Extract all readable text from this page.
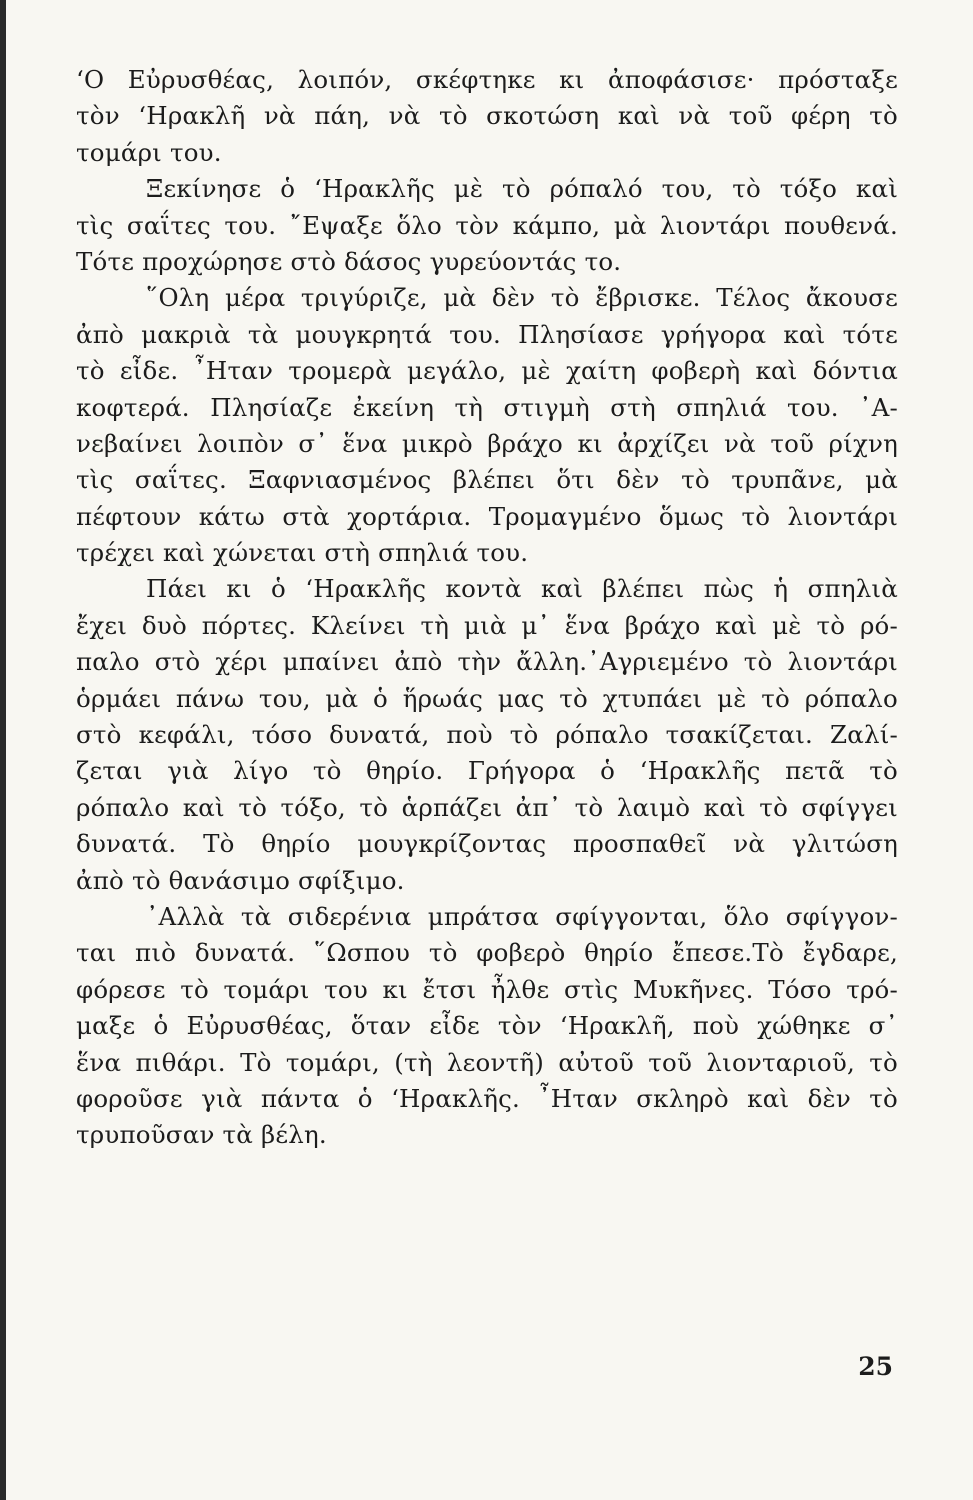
‘Ο Εὐρυσθέας, λοιπόν, σκέφτηκε κι ἀποφάσισε· πρόσταξε
τὸν ‘Ηρακλῆ νὰ πάη, νὰ τὸ σκοτώση καὶ νὰ τοῦ φέρη τὸ
τομάρι του.
Ξεκίνησε ὁ ‘Ηρακλῆς μὲ τὸ ρόπαλό του, τὸ τόξο καὶ
τὶς σαΐτες του. ῎Εψαξε ὅλο τὸν κάμπο, μὰ λιοντάρι πουθενά.
Τότε προχώρησε στὸ δάσος γυρεύοντάς το.
῞Ολη μέρα τριγύριζε, μὰ δὲν τὸ ἔβρισκε. Τέλος ἄκουσε
ἀπὸ μακριὰ τὰ μουγκρητά του. Πλησίασε γρήγορα καὶ τότε
τὸ εἶδε. ῏Ηταν τρομερὰ μεγάλο, μὲ χαίτη φοβερὴ καὶ δόντια
κοφτερά. Πλησίαζε ἐκείνη τὴ στιγμὴ στὴ σπηλιά του. ᾿Α-
νεβαίνει λοιπὸν σ᾿ ἕνα μικρὸ βράχο κι ἀρχίζει νὰ τοῦ ρίχνη
τὶς σαΐτες. Ξαφνιασμένος βλέπει ὅτι δὲν τὸ τρυπᾶνε, μὰ
πέφτουν κάτω στὰ χορτάρια. Τρομαγμένο ὅμως τὸ λιοντάρι
τρέχει καὶ χώνεται στὴ σπηλιά του.
Πάει κι ὁ ‘Ηρακλῆς κοντὰ καὶ βλέπει πὼς ἡ σπηλιὰ
ἔχει δυὸ πόρτες. Κλείνει τὴ μιὰ μ᾿ ἕνα βράχο καὶ μὲ τὸ ρό-
παλο στὸ χέρι μπαίνει ἀπὸ τὴν ἄλλη.᾿Αγριεμένο τὸ λιοντάρι
ὁρμάει πάνω του, μὰ ὁ ἥρωάς μας τὸ χτυπάει μὲ τὸ ρόπαλο
στὸ κεφάλι, τόσο δυνατά, ποὺ τὸ ρόπαλο τσακίζεται. Ζαλί-
ζεται γιὰ λίγο τὸ θηρίο. Γρήγορα ὁ ‘Ηρακλῆς πετᾶ τὸ
ρόπαλο καὶ τὸ τόξο, τὸ ἁρπάζει ἀπ᾿ τὸ λαιμὸ καὶ τὸ σφίγγει
δυνατά. Τὸ θηρίο μουγκρίζοντας προσπαθεῖ νὰ γλιτώση
ἀπὸ τὸ θανάσιμο σφίξιμο.
᾿Αλλὰ τὰ σιδερένια μπράτσα σφίγγονται, ὅλο σφίγγον-
ται πιὸ δυνατά. ῞Ωσπου τὸ φοβερὸ θηρίο ἔπεσε.Τὸ ἔγδαρε,
φόρεσε τὸ τομάρι του κι ἔτσι ἦλθε στὶς Μυκῆνες. Τόσο τρό-
μαξε ὁ Εὐρυσθέας, ὅταν εἶδε τὸν ‘Ηρακλῆ, ποὺ χώθηκε σ᾿
ἕνα πιθάρι. Τὸ τομάρι, (τὴ λεοντῆ) αὐτοῦ τοῦ λιονταριοῦ, τὸ
φοροῦσε γιὰ πάντα ὁ ‘Ηρακλῆς. ῏Ηταν σκληρὸ καὶ δὲν τὸ
τρυποῦσαν τὰ βέλη.
25
